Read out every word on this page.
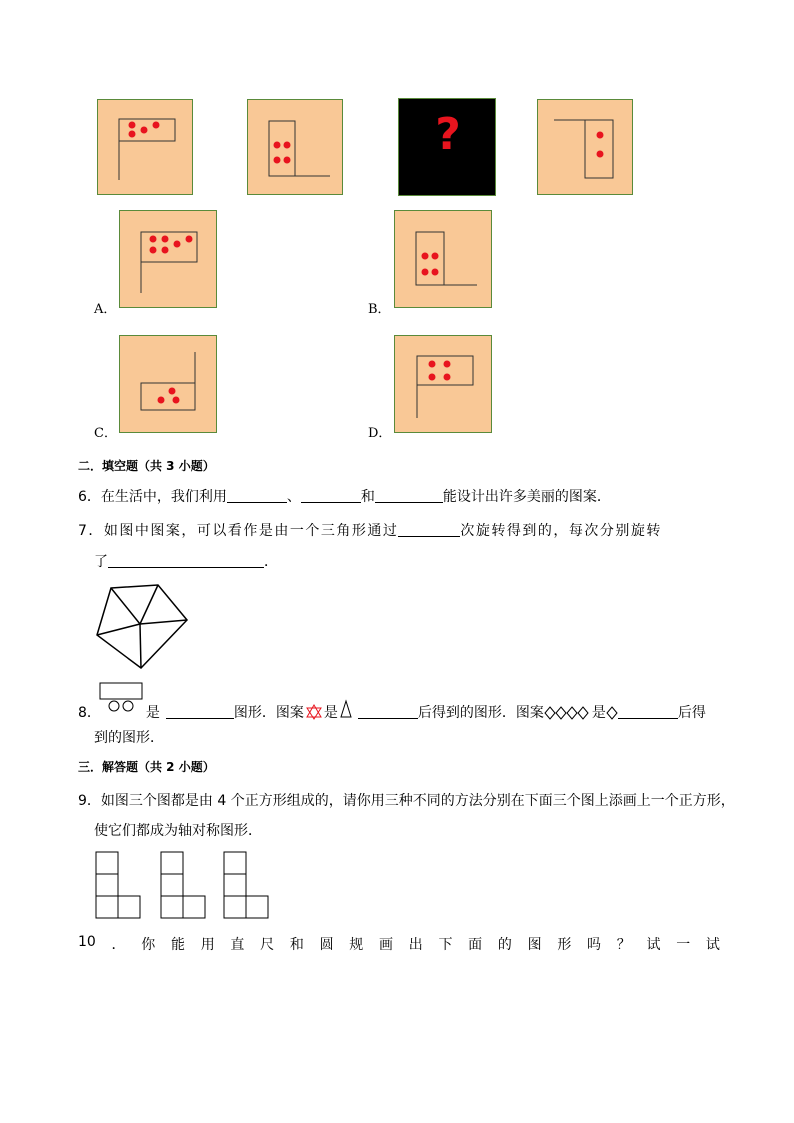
?
A．	B．
C．	D．
二．填空题（共 3 小题）
6．在生活中，我们利用	、	和	能设计出许多美丽的图案．
7．如图中图案，可以看作是由一个三角形通过	次旋转得到的，每次分别旋转
了	．
8．	是	图形．图案 是	后得到的图形．图案	是	后得
到的图形．
三．解答题（共 2 小题）
9．如图三个图都是由 4 个正方形组成的，请你用三种不同的方法分别在下面三个图上添画上一个正方形，
使它们都成为轴对称图形．
10 ． 你 能 用 直 尺 和 圆 规 画 出 下 面 的 图 形 吗 ？ 试 一 试
